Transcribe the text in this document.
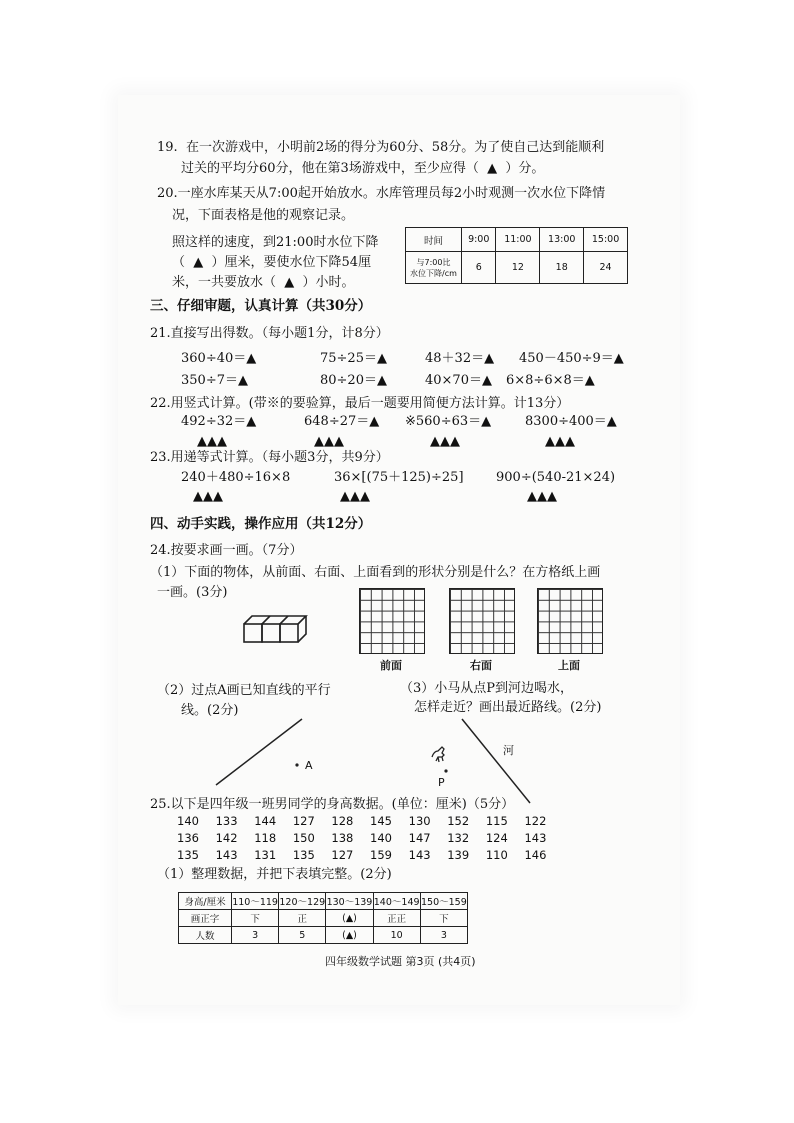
19.  在一次游戏中，小明前2场的得分为60分、58分。为了使自己达到能顺利
过关的平均分60分，他在第3场游戏中，至少应得（  ▲  ）分。
20.一座水库某天从7:00起开始放水。水库管理员每2小时观测一次水位下降情
况，下面表格是他的观察记录。
照这样的速度，到21:00时水位下降
（  ▲  ）厘米，要使水位下降54厘
米，一共要放水（  ▲  ）小时。
时间	9:00	11:00	13:00	15:00

与7:00比
水位下降/cm	6	12	18	24
三、仔细审题，认真计算（共30分）
21.直接写出得数。（每小题1分，计8分）
360÷40＝▲	75÷25＝▲	48＋32＝▲ 450－450÷9＝▲
350÷7＝▲	80÷20＝▲	40×70＝▲ 6×8÷6×8＝▲
22.用竖式计算。(带※的要验算，最后一题要用简便方法计算。计13分）
492÷32＝▲	648÷27＝▲ ※560÷63＝▲	8300÷400＝▲
▲▲▲	▲▲▲	▲▲▲	▲▲▲
23.用递等式计算。（每小题3分，共9分）
240＋480÷16×8	36×[(75＋125)÷25] 900÷(540-21×24)
▲▲▲	▲▲▲	▲▲▲
四、动手实践，操作应用（共12分）
24.按要求画一画。（7分）
（1）下面的物体，从前面、右面、上面看到的形状分别是什么？在方格纸上画
一画。(3分)
前面	右面	上面
（2）过点A画已知直线的平行
线。(2分)
（3）小马从点P到河边喝水，
怎样走近？画出最近路线。(2分)
A
P
河
25.以下是四年级一班男同学的身高数据。(单位：厘米)（5分）
140 133 144 127 128 145 130 152 115 122
136 142 118 150 138 140 147 132 124 143
135 143 131 135 127 159 143 139 110 146
（1）整理数据，并把下表填完整。(2分)
身高/厘米	110～119	120～129	130～139	140～149	150～159
画正字	下	正	(▲)	正正	下
人数	3	5	(▲)	10	3
四年级数学试题 第3页 (共4页)
